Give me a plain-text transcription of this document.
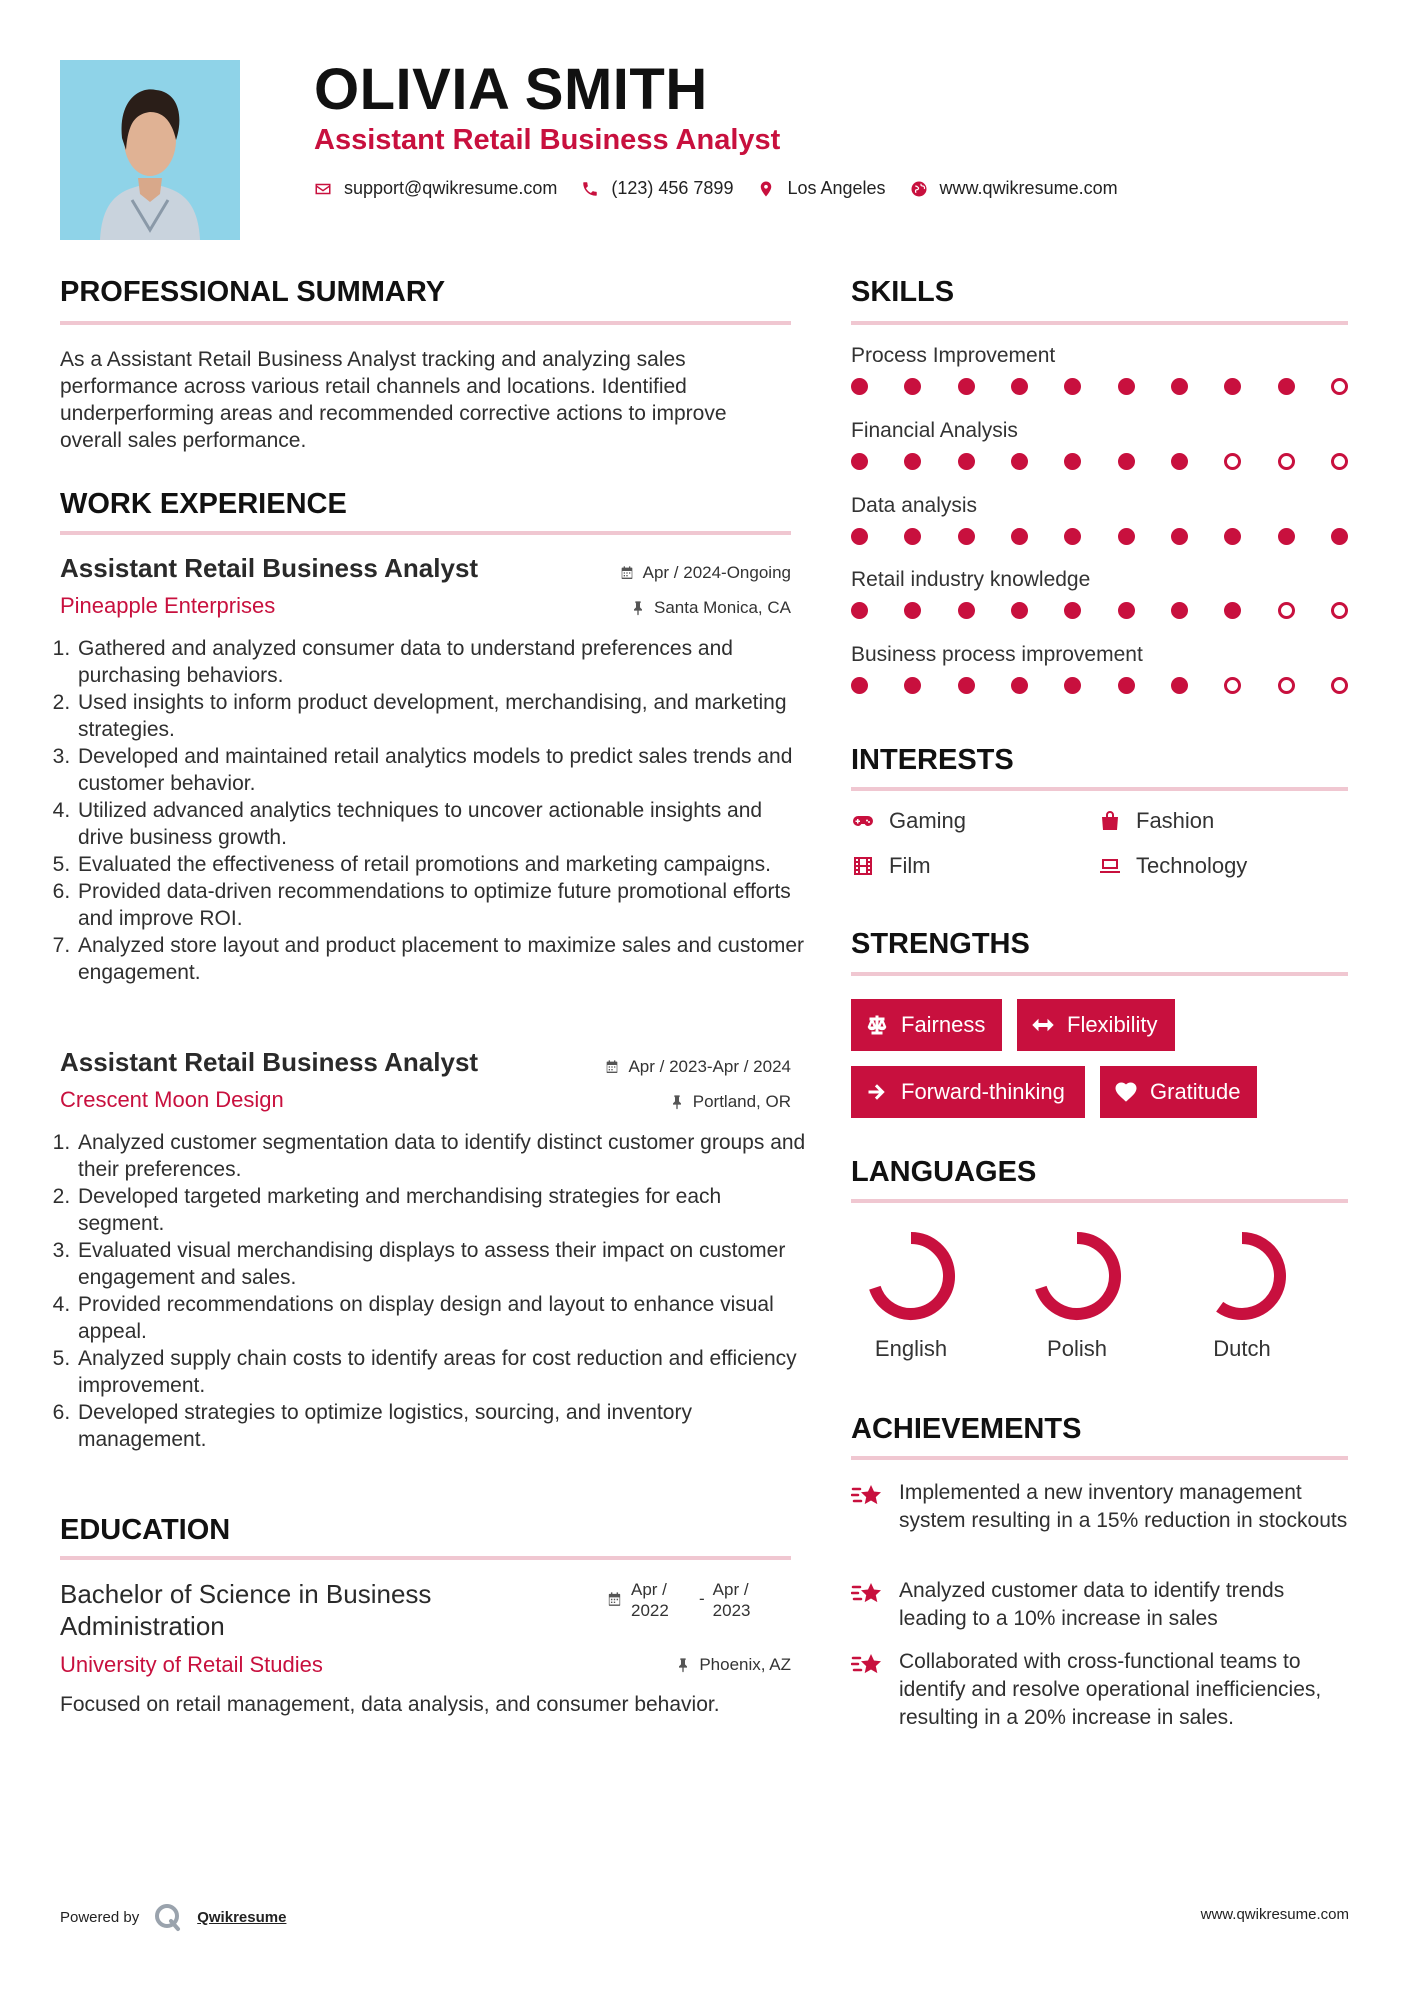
OLIVIA SMITH
Assistant Retail Business Analyst
support@qwikresume.com	(123) 456 7899	Los Angeles	www.qwikresume.com
PROFESSIONAL SUMMARY

As a Assistant Retail Business Analyst tracking and analyzing sales performance across various retail channels and locations. Identified underperforming areas and recommended corrective actions to improve overall sales performance.

WORK EXPERIENCE
Assistant Retail Business Analyst	Apr / 2024-Ongoing

Pineapple Enterprises	Santa Monica, CA
1. Gathered and analyzed consumer data to understand preferences and purchasing behaviors.
2. Used insights to inform product development, merchandising, and marketing strategies.
3. Developed and maintained retail analytics models to predict sales trends and customer behavior.
4. Utilized advanced analytics techniques to uncover actionable insights and drive business growth.
5. Evaluated the effectiveness of retail promotions and marketing campaigns.
6. Provided data-driven recommendations to optimize future promotional efforts and improve ROI.
7. Analyzed store layout and product placement to maximize sales and customer engagement.
Assistant Retail Business Analyst	Apr / 2023-Apr / 2024

Crescent Moon Design	Portland, OR
1. Analyzed customer segmentation data to identify distinct customer groups and their preferences.
2. Developed targeted marketing and merchandising strategies for each segment.
3. Evaluated visual merchandising displays to assess their impact on customer engagement and sales.
4. Provided recommendations on display design and layout to enhance visual appeal.
5. Analyzed supply chain costs to identify areas for cost reduction and efficiency improvement.
6. Developed strategies to optimize logistics, sourcing, and inventory management.
EDUCATION
Bachelor of Science in Business
Administration
Apr /
2022
- Apr /
2023

University of Retail Studies	Phoenix, AZ

Focused on retail management, data analysis, and consumer behavior.

SKILLS

Process Improvement

Financial Analysis

Data analysis

Retail industry knowledge

Business process improvement

INTERESTS
Gaming	Fashion
Film	Technology
STRENGTHS
Fairness	Flexibility
Forward-thinking	Gratitude
LANGUAGES
English	Polish	Dutch
ACHIEVEMENTS
Implemented a new inventory management system resulting in a 15% reduction in stockouts
Analyzed customer data to identify trends leading to a 10% increase in sales
Collaborated with cross-functional teams to identify and resolve operational inefficiencies, resulting in a 20% increase in sales.
Powered by	Qwikresume	www.qwikresume.com
